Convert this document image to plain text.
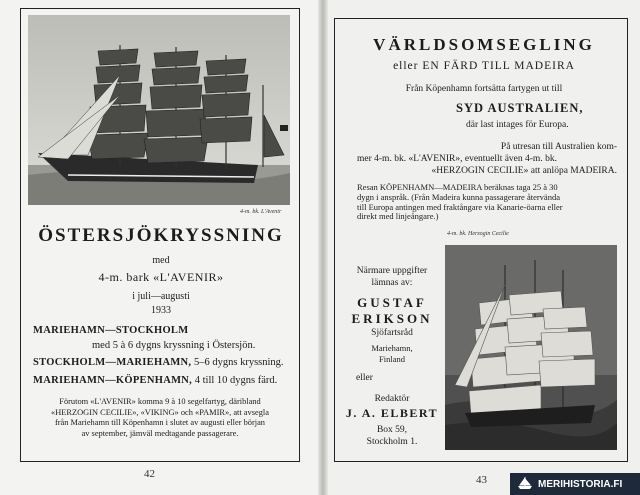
4-m. bk. L'Avenir
ÖSTERSJÖKRYSSNING
med
4-m. bark «L'AVENIR»
i juli—augusti
1933
MARIEHAMN—STOCKHOLM
med 5 à 6 dygns kryssning i Östersjön.
STOCKHOLM—MARIEHAMN, 5–6 dygns kryssning.
MARIEHAMN—KÖPENHAMN, 4 till 10 dygns färd.
Förutom «L'AVENIR» komma 9 à 10 segelfartyg, däribland
«HERZOGIN CECILIE», «VIKING» och «PAMIR», att avsegla
från Mariehamn till Köpenhamn i slutet av augusti eller början
av september, jämväl medtagande passagerare.
42
VÄRLDSOMSEGLING
eller EN FÄRD TILL MADEIRA
Från Köpenhamn fortsätta fartygen ut till
SYD AUSTRALIEN,
där last intages för Europa.
På utresan till Australien kom-
mer 4-m. bk. «L'AVENIR», eventuellt även 4-m. bk.
«HERZOGIN CECILIE» att anlöpa MADEIRA.
Resan KÖPENHAMN—MADEIRA beräknas taga 25 à 30
dygn i anspråk. (Från Madeira kunna passagerare återvända
till Europa antingen med fraktångare via Kanarie-öarna eller
direkt med linjeångare.)
4-m. bk. Herzogin Cecilie
Närmare uppgifter
lämnas av:
GUSTAF
ERIKSON
Sjöfartsråd
Mariehamn,
Finland
eller
Redaktör
J. A. ELBERT
Box 59,
Stockholm 1.
43	MERIHISTORIA.FI
